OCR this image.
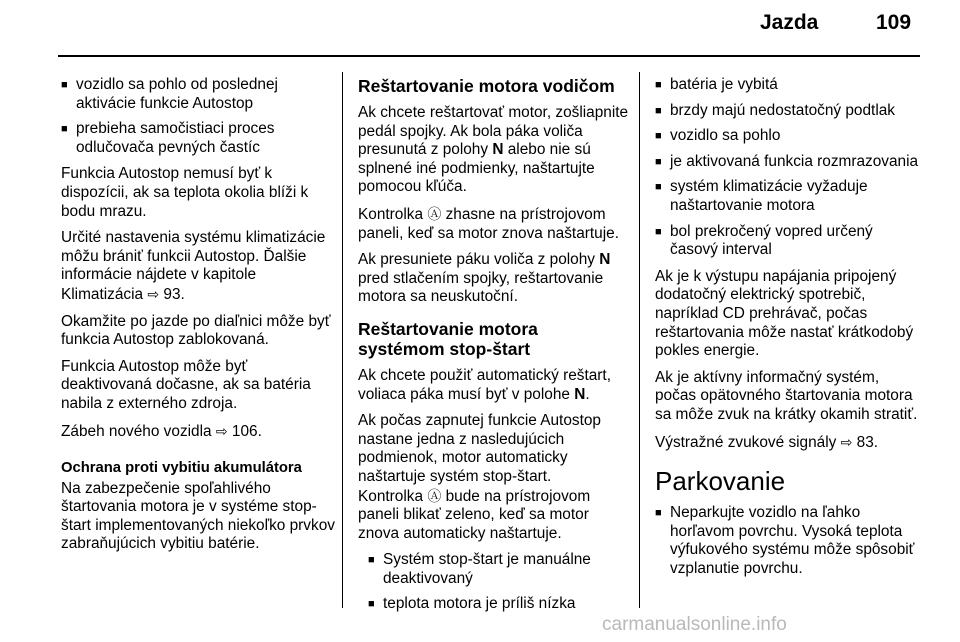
Jazda	109
■ vozidlo sa pohlo od poslednej aktivácie funkcie Autostop
■ prebieha samočistiaci proces odlučovača pevných častíc

Funkcia Autostop nemusí byť k dispozícii, ak sa teplota okolia blíži k bodu mrazu.

Určité nastavenia systému klimatizácie môžu brániť funkcii Autostop. Ďalšie informácie nájdete v kapitole Klimatizácia ⇨ 93.

Okamžite po jazde po diaľnici môže byť funkcia Autostop zablokovaná.

Funkcia Autostop môže byť deaktivovaná dočasne, ak sa batéria nabila z externého zdroja.

Zábeh nového vozidla ⇨ 106.

Ochrana proti vybitiu akumulátora

Na zabezpečenie spoľahlivého štartovania motora je v systéme stop-štart implementovaných niekoľko prvkov zabraňujúcich vybitiu batérie.

Reštartovanie motora vodičom

Ak chcete reštartovať motor, zošliapnite pedál spojky. Ak bola páka voliča presunutá z polohy N alebo nie sú splnené iné podmienky, naštartujte pomocou kľúča.

Kontrolka Ⓐ zhasne na prístrojovom paneli, keď sa motor znova naštartuje.

Ak presuniete páku voliča z polohy N pred stlačením spojky, reštartovanie motora sa neuskutoční.

Reštartovanie motora systémom stop-štart

Ak chcete použiť automatický reštart, voliaca páka musí byť v polohe N.

Ak počas zapnutej funkcie Autostop nastane jedna z nasledujúcich podmienok, motor automaticky naštartuje systém stop-štart.

Kontrolka Ⓐ bude na prístrojovom paneli blikať zeleno, keď sa motor znova automaticky naštartuje.

■ Systém stop-štart je manuálne deaktivovaný
■ teplota motora je príliš nízka
■ batéria je vybitá
■ brzdy majú nedostatočný podtlak
■ vozidlo sa pohlo
■ je aktivovaná funkcia rozmrazovania
■ systém klimatizácie vyžaduje naštartovanie motora
■ bol prekročený vopred určený časový interval

Ak je k výstupu napájania pripojený dodatočný elektrický spotrebič, napríklad CD prehrávač, počas reštartovania môže nastať krátkodobý pokles energie.

Ak je aktívny informačný systém, počas opätovného štartovania motora sa môže zvuk na krátky okamih stratiť.

Výstražné zvukové signály ⇨ 83.

Parkovanie

■ Neparkujte vozidlo na ľahko horľavom povrchu. Vysoká teplota výfukového systému môže spôsobiť vzplanutie povrchu.
carmanualsonline.info
